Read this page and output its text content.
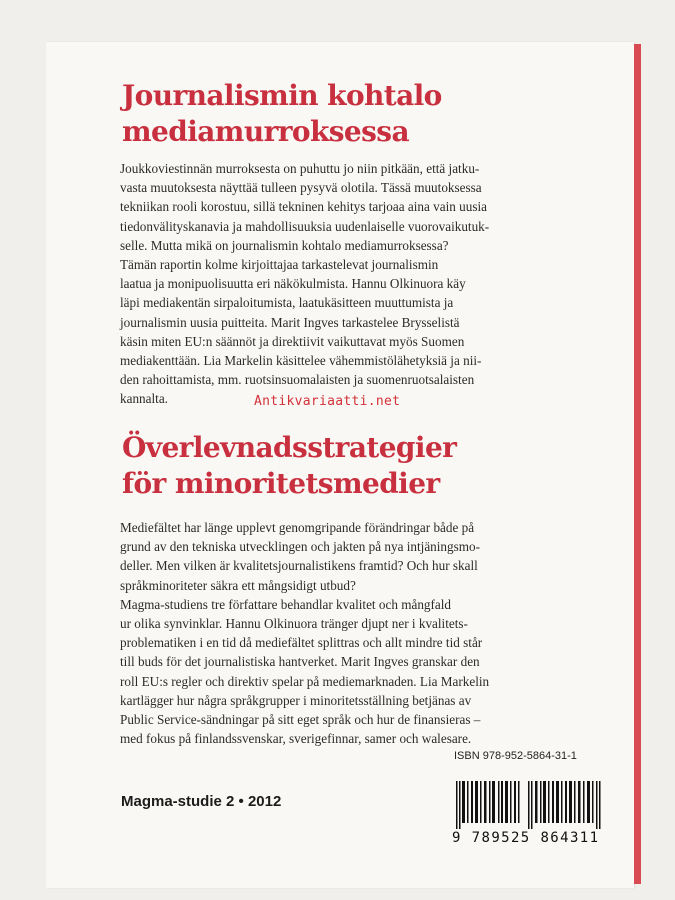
Journalismin kohtalo
mediamurroksessa
Joukkoviestinnän murroksesta on puhuttu jo niin pitkään, että jatku-
vasta muutoksesta näyttää tulleen pysyvä olotila. Tässä muutoksessa
tekniikan rooli korostuu, sillä tekninen kehitys tarjoaa aina vain uusia
tiedonvälityskanavia ja mahdollisuuksia uudenlaiselle vuorovaikutuk-
selle. Mutta mikä on journalismin kohtalo mediamurroksessa?
Tämän raportin kolme kirjoittajaa tarkastelevat journalismin
laatua ja monipuolisuutta eri näkökulmista. Hannu Olkinuora käy
läpi mediakentän sirpaloitumista, laatukäsitteen muuttumista ja
journalismin uusia puitteita. Marit Ingves tarkastelee Brysselistä
käsin miten EU:n säännöt ja direktiivit vaikuttavat myös Suomen
mediakenttään. Lia Markelin käsittelee vähemmistölähetyksiä ja nii-
den rahoittamista, mm. ruotsinsuomalaisten ja suomenruotsalaisten
kannalta.	Antikvariaatti.net
Överlevnadsstrategier
för minoritetsmedier
Mediefältet har länge upplevt genomgripande förändringar både på
grund av den tekniska utvecklingen och jakten på nya intjäningsmo-
deller. Men vilken är kvalitetsjournalistikens framtid? Och hur skall
språkminoriteter säkra ett mångsidigt utbud?
Magma-studiens tre författare behandlar kvalitet och mångfald
ur olika synvinklar. Hannu Olkinuora tränger djupt ner i kvalitets-
problematiken i en tid då mediefältet splittras och allt mindre tid står
till buds för det journalistiska hantverket. Marit Ingves granskar den
roll EU:s regler och direktiv spelar på mediemarknaden. Lia Markelin
kartlägger hur några språkgrupper i minoritetsställning betjänas av
Public Service-sändningar på sitt eget språk och hur de finansieras –
med fokus på finlandssvenskar, sverigefinnar, samer och walesare.
Magma-studie 2 • 2012
ISBN 978-952-5864-31-1
9 789525 864311
